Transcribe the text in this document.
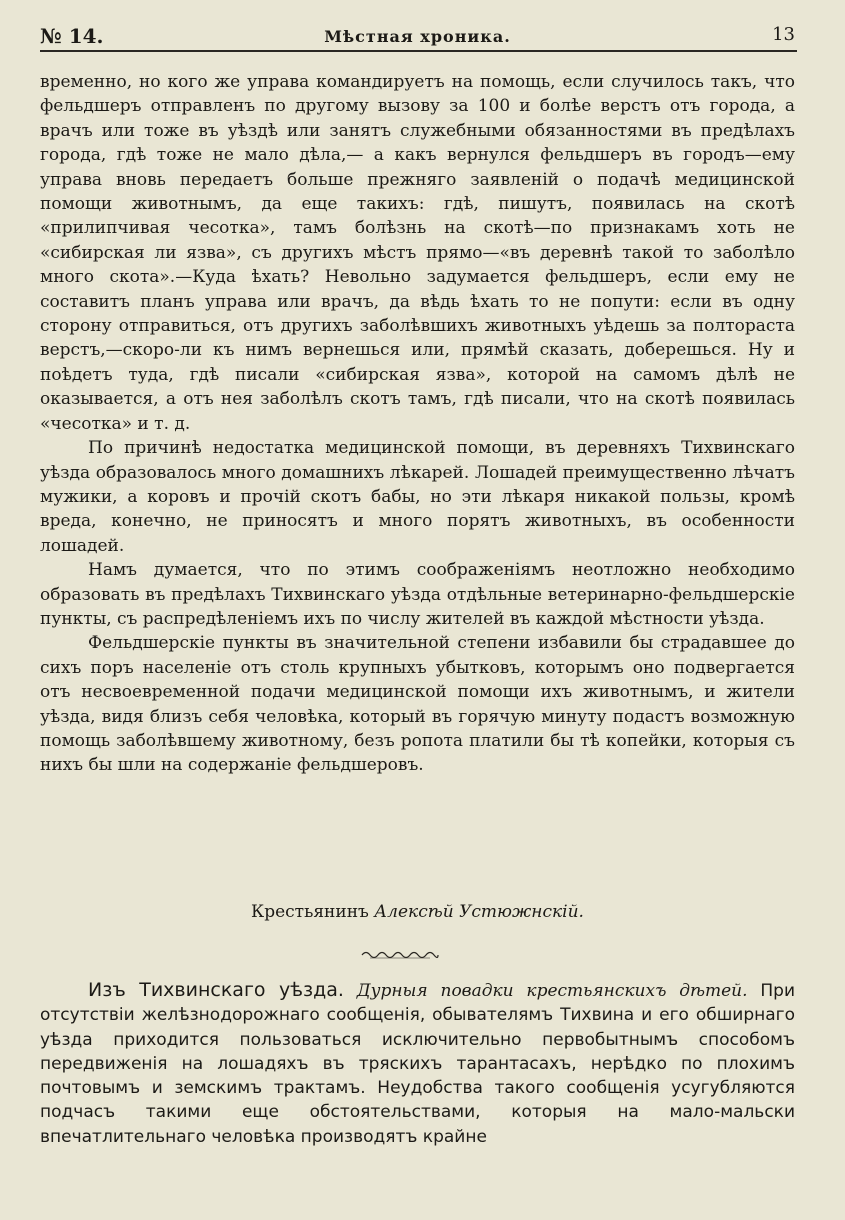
№ 14.	Мѣстная хроника.	13

временно, но кого же управа командируетъ на помощь, если случилось такъ, что фельдшеръ отправленъ по другому вызову за 100 и болѣе верстъ отъ города, а врачъ или тоже въ уѣздѣ или занятъ служебными обязанностями въ предѣлахъ города, гдѣ тоже не мало дѣла,— а какъ вернулся фельдшеръ въ городъ—ему управа вновь передаетъ больше прежняго заявленій о подачѣ медицинской помощи животнымъ, да еще такихъ: гдѣ, пишутъ, появилась на скотѣ «прилипчивая чесотка», тамъ болѣзнь на скотѣ—по признакамъ хоть не «сибирская ли язва», съ другихъ мѣстъ прямо—«въ деревнѣ такой то заболѣло много скота».—Куда ѣхать? Невольно задумается фельдшеръ, если ему не составитъ планъ управа или врачъ, да вѣдь ѣхать то не попути: если въ одну сторону отправиться, отъ другихъ заболѣвшихъ животныхъ уѣдешь за полтораста верстъ,—скоро-ли къ нимъ вернешься или, прямѣй сказать, доберешься. Ну и поѣдетъ туда, гдѣ писали «сибирская язва», которой на самомъ дѣлѣ не оказывается, а отъ нея заболѣлъ скотъ тамъ, гдѣ писали, что на скотѣ появилась «чесотка» и т. д.

По причинѣ недостатка медицинской помощи, въ деревняхъ Тихвинскаго уѣзда образовалось много домашнихъ лѣкарей. Лошадей преимущественно лѣчатъ мужики, а коровъ и прочій скотъ бабы, но эти лѣкаря никакой пользы, кромѣ вреда, конечно, не приносятъ и много порятъ животныхъ, въ особенности лошадей.

Намъ думается, что по этимъ соображеніямъ неотложно необходимо образовать въ предѣлахъ Тихвинскаго уѣзда отдѣльные ветеринарно-фельдшерскіе пункты, съ распредѣленіемъ ихъ по числу жителей въ каждой мѣстности уѣзда.

Фельдшерскіе пункты въ значительной степени избавили бы страдавшее до сихъ поръ населеніе отъ столь крупныхъ убытковъ, которымъ оно подвергается отъ несвоевременной подачи медицинской помощи ихъ животнымъ, и жители уѣзда, видя близъ себя человѣка, который въ горячую минуту подастъ возможную помощь заболѣвшему животному, безъ ропота платили бы тѣ копейки, которыя съ нихъ бы шли на содержаніе фельдшеровъ.

Крестьянинъ Алексѣй Устюжнскій.
Изъ Тихвинскаго уѣзда. Дурныя повадки крестьянскихъ дѣтей. При отсутствіи желѣзнодорожнаго сообщенія, обывателямъ Тихвина и его обширнаго уѣзда приходится пользоваться исключительно первобытнымъ способомъ передвиженія на лошадяхъ въ тряскихъ тарантасахъ, нерѣдко по плохимъ почтовымъ и земскимъ трактамъ. Неудобства такого сообщенія усугубляются подчасъ такими еще обстоятельствами, которыя на мало-мальски впечатлительнаго человѣка производятъ крайне
